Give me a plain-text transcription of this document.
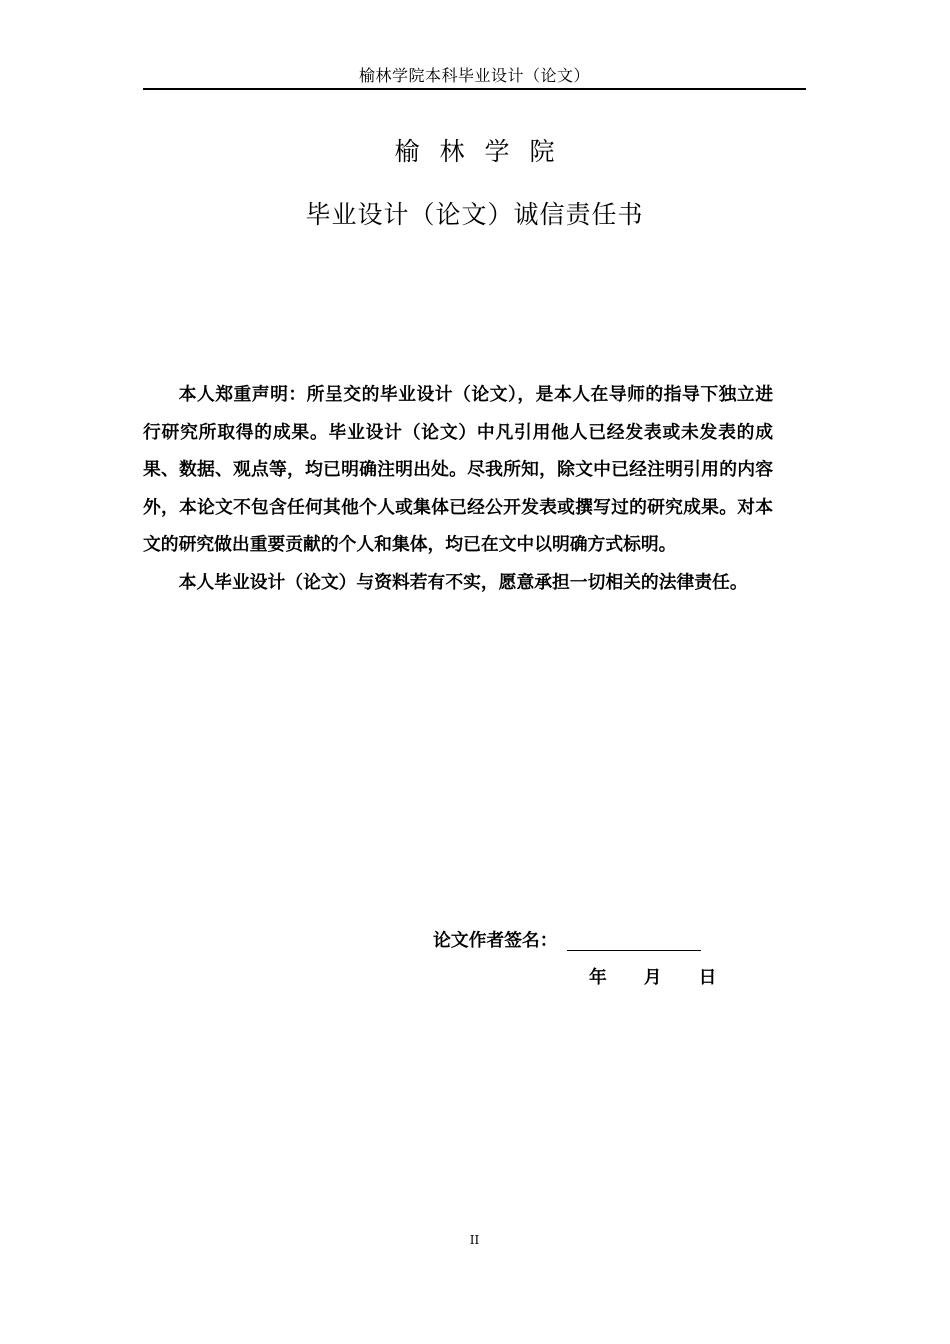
榆林学院本科毕业设计（论文）
榆林学院
毕业设计（论文）诚信责任书

本人郑重声明：所呈交的毕业设计（论文），是本人在导师的指导下独立进行研究所取得的成果。毕业设计（论文）中凡引用他人已经发表或未发表的成果、数据、观点等，均已明确注明出处。尽我所知，除文中已经注明引用的内容外，本论文不包含任何其他个人或集体已经公开发表或撰写过的研究成果。对本文的研究做出重要贡献的个人和集体，均已在文中以明确方式标明。

本人毕业设计（论文）与资料若有不实，愿意承担一切相关的法律责任。

论文作者签名：
年 月 日
II
